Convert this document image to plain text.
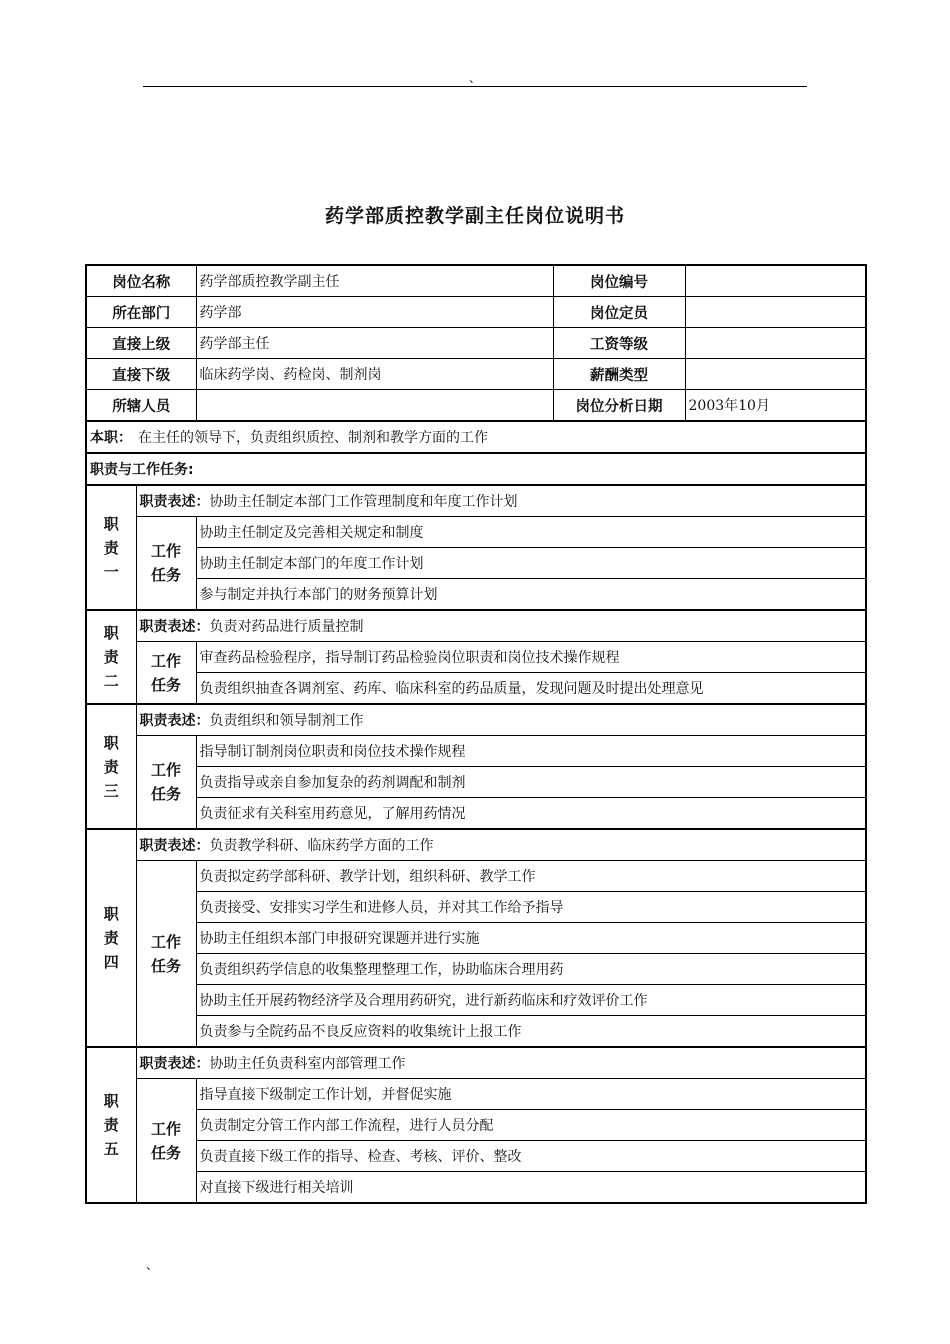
、
药学部质控教学副主任岗位说明书
岗位名称		药学部质控教学副主任	岗位编号	
所在部门		药学部	岗位定员	
直接上级		药学部主任	工资等级	
直接下级		临床药学岗、药检岗、制剂岗	薪酬类型	
所辖人员			岗位分析日期	2003年10月
本职： 在主任的领导下，负责组织质控、制剂和教学方面的工作				
职责与工作任务:				

职
责
一	职责表述：协助主任制定本部门工作管理制度和年度工作计划			

	工作
任务	协助主任制定及完善相关规定和制度		
		协助主任制定本部门的年度工作计划		
		参与制定并执行本部门的财务预算计划		

职
责
二	职责表述：负责对药品进行质量控制			

	工作
任务	审查药品检验程序，指导制订药品检验岗位职责和岗位技术操作规程		
		负责组织抽查各调剂室、药库、临床科室的药品质量，发现问题及时提出处理意见		

职
责
三	职责表述：负责组织和领导制剂工作			

	工作
任务	指导制订制剂岗位职责和岗位技术操作规程		
		负责指导或亲自参加复杂的药剂调配和制剂		
		负责征求有关科室用药意见，了解用药情况		

职
责
四	职责表述：负责教学科研、临床药学方面的工作			

	工作
任务	负责拟定药学部科研、教学计划，组织科研、教学工作		
		负责接受、安排实习学生和进修人员，并对其工作给予指导		
		协助主任组织本部门申报研究课题并进行实施		
		负责组织药学信息的收集整理整理工作，协助临床合理用药		
		协助主任开展药物经济学及合理用药研究，进行新药临床和疗效评价工作		
		负责参与全院药品不良反应资料的收集统计上报工作		

职
责
五	职责表述：协助主任负责科室内部管理工作			

	工作
任务	指导直接下级制定工作计划，并督促实施		
		负责制定分管工作内部工作流程，进行人员分配		
		负责直接下级工作的指导、检查、考核、评价、整改		
		对直接下级进行相关培训		
、
